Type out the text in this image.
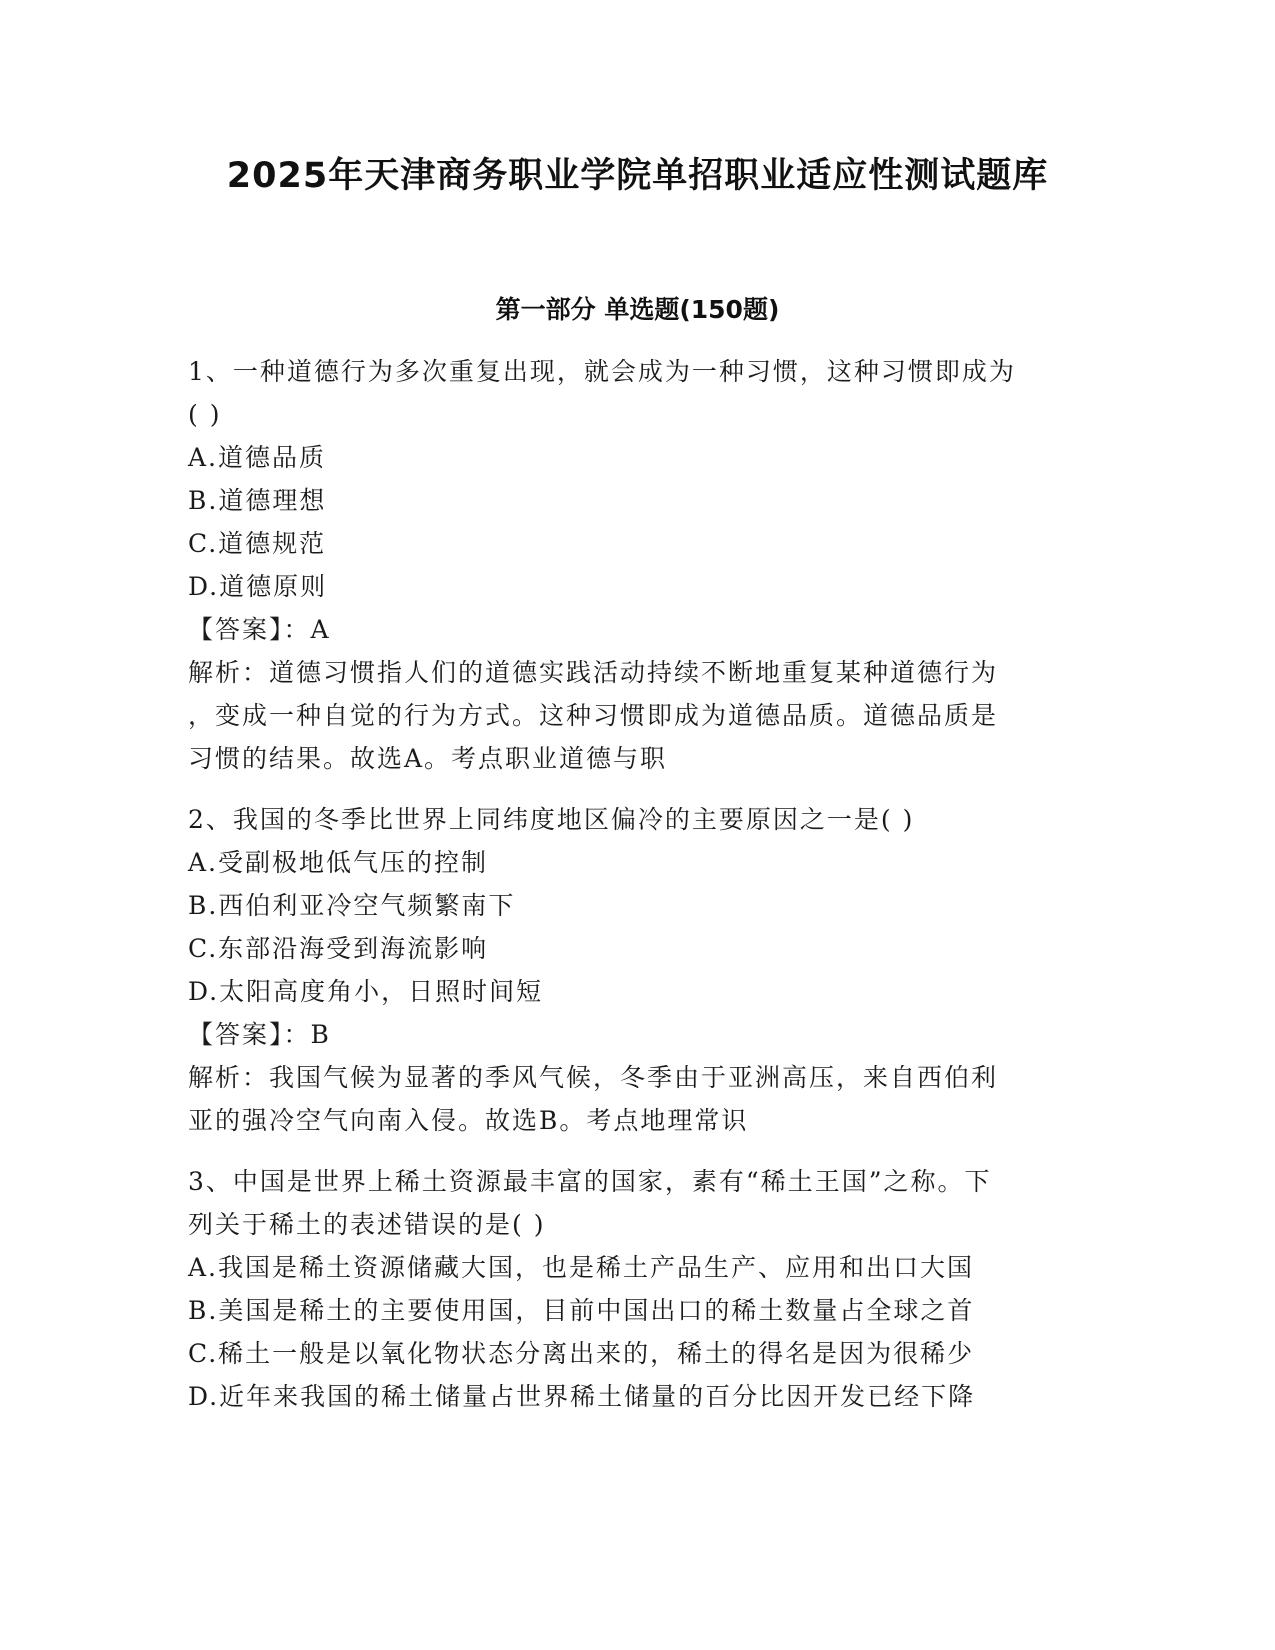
2025年天津商务职业学院单招职业适应性测试题库
第一部分 单选题(150题)
1、一种道德行为多次重复出现，就会成为一种习惯，这种习惯即成为
( )
A.道德品质
B.道德理想
C.道德规范
D.道德原则
【答案】：A
解析：道德习惯指人们的道德实践活动持续不断地重复某种道德行为
，变成一种自觉的行为方式。这种习惯即成为道德品质。道德品质是
习惯的结果。故选A。考点职业道德与职
2、我国的冬季比世界上同纬度地区偏冷的主要原因之一是( )
A.受副极地低气压的控制
B.西伯利亚冷空气频繁南下
C.东部沿海受到海流影响
D.太阳高度角小，日照时间短
【答案】：B
解析：我国气候为显著的季风气候，冬季由于亚洲高压，来自西伯利
亚的强冷空气向南入侵。故选B。考点地理常识
3、中国是世界上稀土资源最丰富的国家，素有“稀土王国”之称。下
列关于稀土的表述错误的是( )
A.我国是稀土资源储藏大国，也是稀土产品生产、应用和出口大国
B.美国是稀土的主要使用国，目前中国出口的稀土数量占全球之首
C.稀土一般是以氧化物状态分离出来的，稀土的得名是因为很稀少
D.近年来我国的稀土储量占世界稀土储量的百分比因开发已经下降
